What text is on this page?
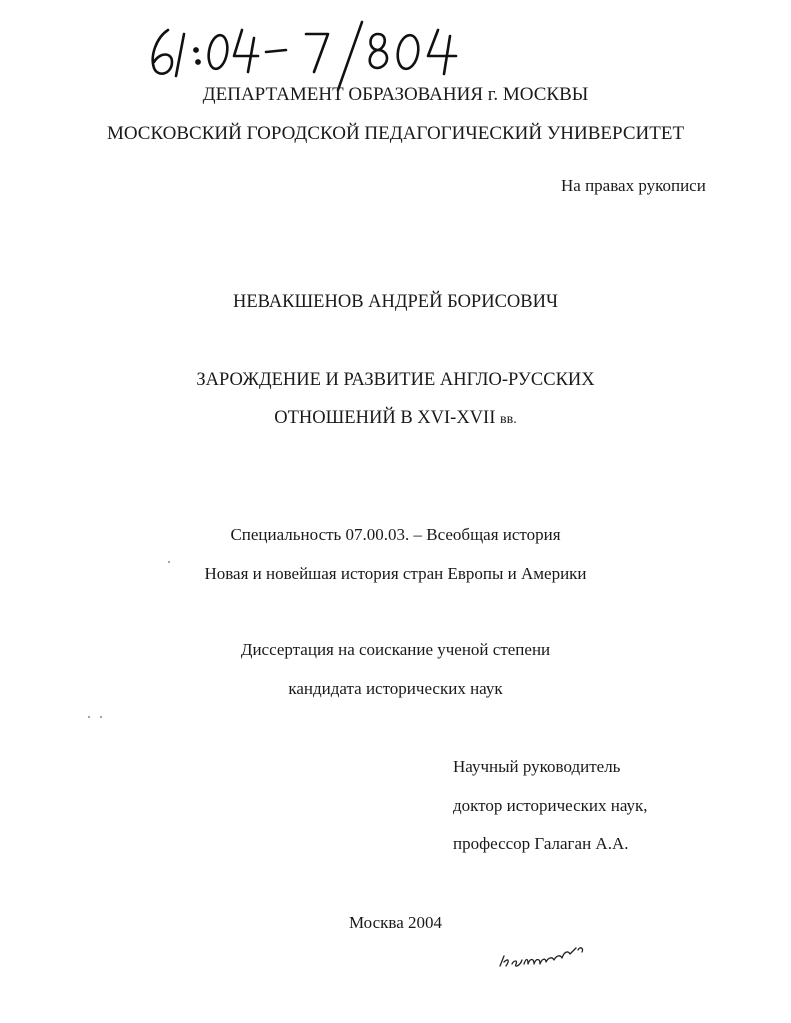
ДЕПАРТАМЕНТ ОБРАЗОВАНИЯ г. МОСКВЫ
МОСКОВСКИЙ ГОРОДСКОЙ ПЕДАГОГИЧЕСКИЙ УНИВЕРСИТЕТ
На правах рукописи
НЕВАКШЕНОВ АНДРЕЙ БОРИСОВИЧ
ЗАРОЖДЕНИЕ И РАЗВИТИЕ АНГЛО-РУССКИХ
ОТНОШЕНИЙ В XVI-XVII вв.
Специальность 07.00.03. – Всеобщая история
Новая и новейшая история стран Европы и Америки
Диссертация на соискание ученой степени
кандидата исторических наук
Научный руководитель
доктор исторических наук,
профессор Галаган А.А.
Москва 2004
